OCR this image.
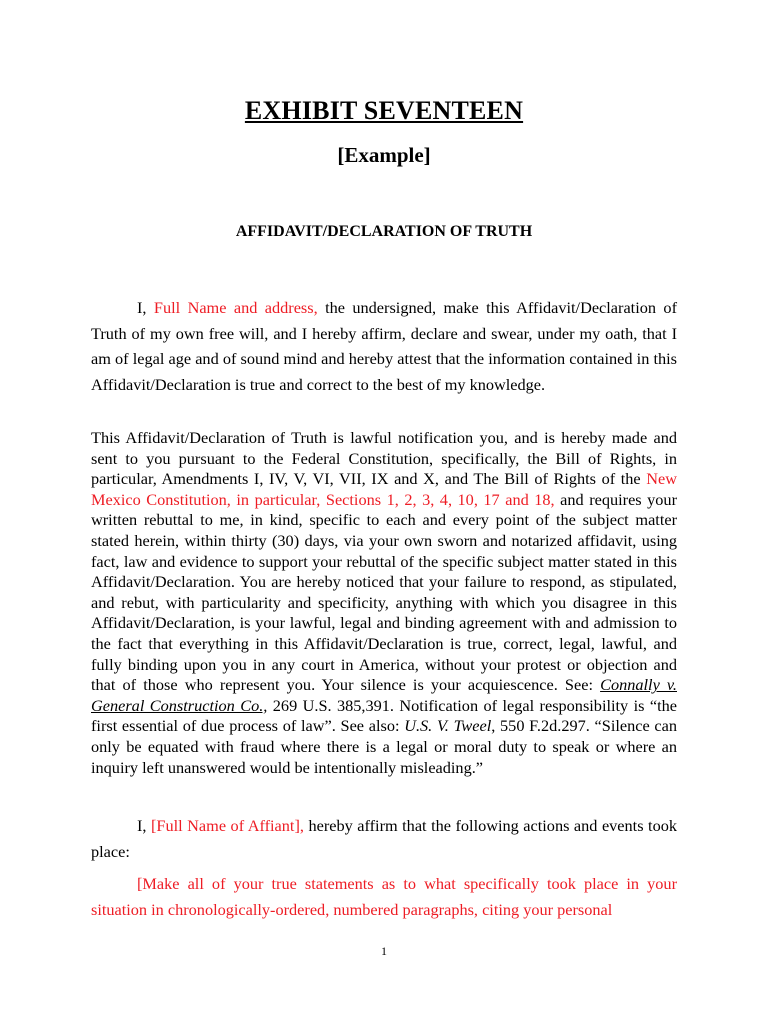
EXHIBIT SEVENTEEN
[Example]
AFFIDAVIT/DECLARATION OF TRUTH

I, Full Name and address, the undersigned, make this Affidavit/Declaration of Truth of my own free will, and I hereby affirm, declare and swear, under my oath, that I am of legal age and of sound mind and hereby attest that the information contained in this Affidavit/Declaration is true and correct to the best of my knowledge.

This Affidavit/Declaration of Truth is lawful notification you, and is hereby made and sent to you pursuant to the Federal Constitution, specifically, the Bill of Rights, in particular, Amendments I, IV, V, VI, VII, IX and X, and The Bill of Rights of the New Mexico Constitution, in particular, Sections 1, 2, 3, 4, 10, 17 and 18, and requires your written rebuttal to me, in kind, specific to each and every point of the subject matter stated herein, within thirty (30) days, via your own sworn and notarized affidavit, using fact, law and evidence to support your rebuttal of the specific subject matter stated in this Affidavit/Declaration. You are hereby noticed that your failure to respond, as stipulated, and rebut, with particularity and specificity, anything with which you disagree in this Affidavit/Declaration, is your lawful, legal and binding agreement with and admission to the fact that everything in this Affidavit/Declaration is true, correct, legal, lawful, and fully binding upon you in any court in America, without your protest or objection and that of those who represent you. Your silence is your acquiescence. See: Connally v. General Construction Co., 269 U.S. 385,391. Notification of legal responsibility is “the first essential of due process of law”. See also: U.S. V. Tweel, 550 F.2d.297. “Silence can only be equated with fraud where there is a legal or moral duty to speak or where an inquiry left unanswered would be intentionally misleading.”

I, [Full Name of Affiant], hereby affirm that the following actions and events took place:

[Make all of your true statements as to what specifically took place in your situation in chronologically-ordered, numbered paragraphs, citing your personal

1
